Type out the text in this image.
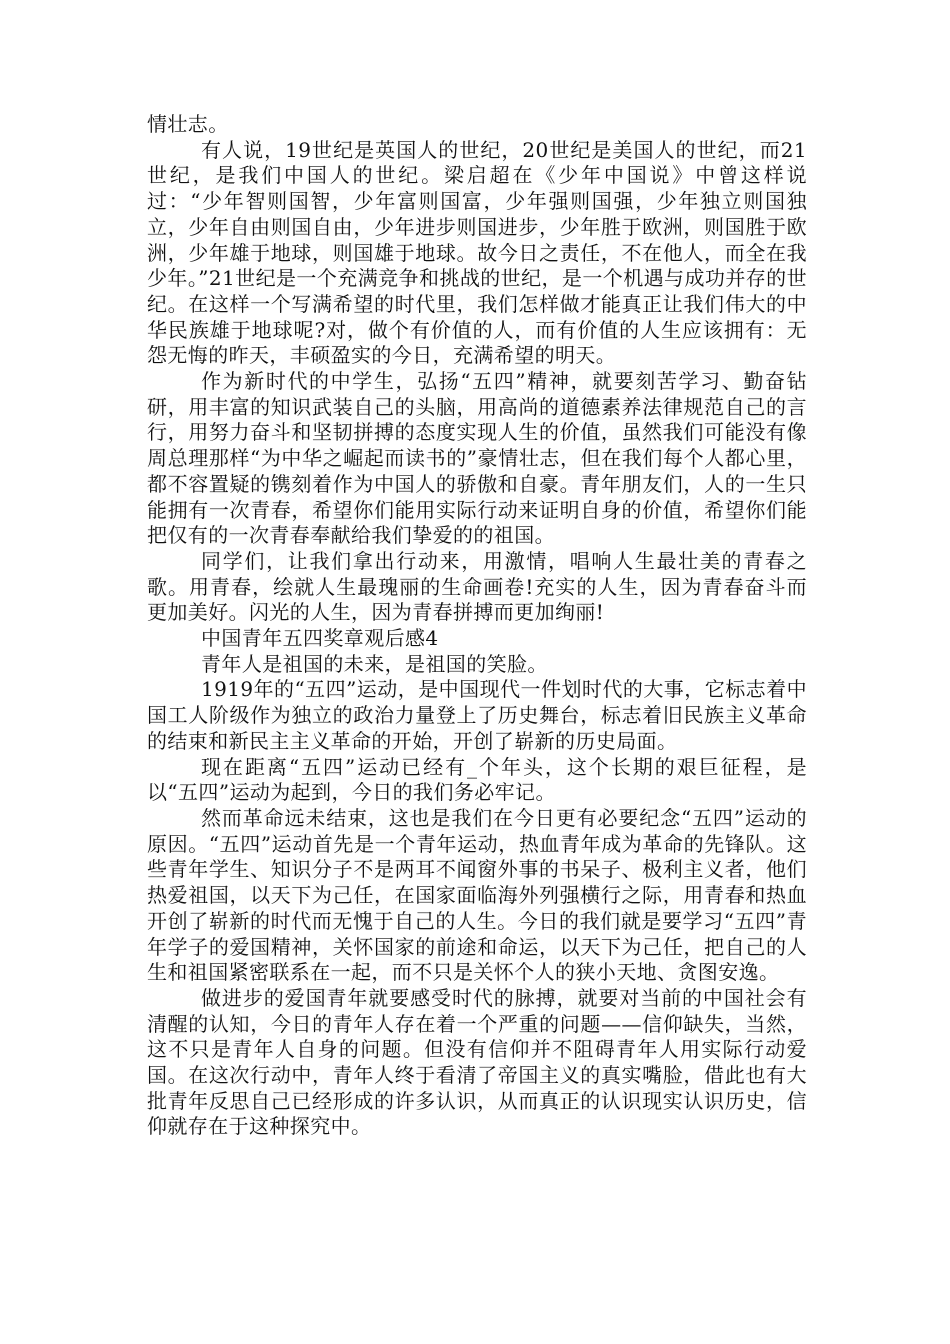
情壮志。

有人说，19世纪是英国人的世纪，20世纪是美国人的世纪，而21世纪，是我们中国人的世纪。梁启超在《少年中国说》中曾这样说过：“少年智则国智，少年富则国富，少年强则国强，少年独立则国独立，少年自由则国自由，少年进步则国进步，少年胜于欧洲，则国胜于欧洲，少年雄于地球，则国雄于地球。故今日之责任，不在他人，而全在我少年。”21世纪是一个充满竞争和挑战的世纪，是一个机遇与成功并存的世纪。在这样一个写满希望的时代里，我们怎样做才能真正让我们伟大的中华民族雄于地球呢?对，做个有价值的人，而有价值的人生应该拥有：无怨无悔的昨天，丰硕盈实的今日，充满希望的明天。

作为新时代的中学生，弘扬“五四”精神，就要刻苦学习、勤奋钻研，用丰富的知识武装自己的头脑，用高尚的道德素养法律规范自己的言行，用努力奋斗和坚韧拼搏的态度实现人生的价值，虽然我们可能没有像周总理那样“为中华之崛起而读书的”豪情壮志，但在我们每个人都心里，都不容置疑的镌刻着作为中国人的骄傲和自豪。青年朋友们，人的一生只能拥有一次青春，希望你们能用实际行动来证明自身的价值，希望你们能把仅有的一次青春奉献给我们挚爱的的祖国。

同学们，让我们拿出行动来，用激情，唱响人生最壮美的青春之歌。用青春，绘就人生最瑰丽的生命画卷!充实的人生，因为青春奋斗而更加美好。闪光的人生，因为青春拼搏而更加绚丽!

中国青年五四奖章观后感4

青年人是祖国的未来，是祖国的笑脸。

1919年的“五四”运动，是中国现代一件划时代的大事，它标志着中国工人阶级作为独立的政治力量登上了历史舞台，标志着旧民族主义革命的结束和新民主主义革命的开始，开创了崭新的历史局面。

现在距离“五四”运动已经有_个年头，这个长期的艰巨征程，是以“五四”运动为起到，今日的我们务必牢记。

然而革命远未结束，这也是我们在今日更有必要纪念“五四”运动的原因。“五四”运动首先是一个青年运动，热血青年成为革命的先锋队。这些青年学生、知识分子不是两耳不闻窗外事的书呆子、极利主义者，他们热爱祖国，以天下为己任，在国家面临海外列强横行之际，用青春和热血开创了崭新的时代而无愧于自己的人生。今日的我们就是要学习“五四”青年学子的爱国精神，关怀国家的前途和命运，以天下为己任，把自己的人生和祖国紧密联系在一起，而不只是关怀个人的狭小天地、贪图安逸。

做进步的爱国青年就要感受时代的脉搏，就要对当前的中国社会有清醒的认知，今日的青年人存在着一个严重的问题——信仰缺失，当然，这不只是青年人自身的问题。但没有信仰并不阻碍青年人用实际行动爱国。在这次行动中，青年人终于看清了帝国主义的真实嘴脸，借此也有大批青年反思自己已经形成的许多认识，从而真正的认识现实认识历史，信仰就存在于这种探究中。
